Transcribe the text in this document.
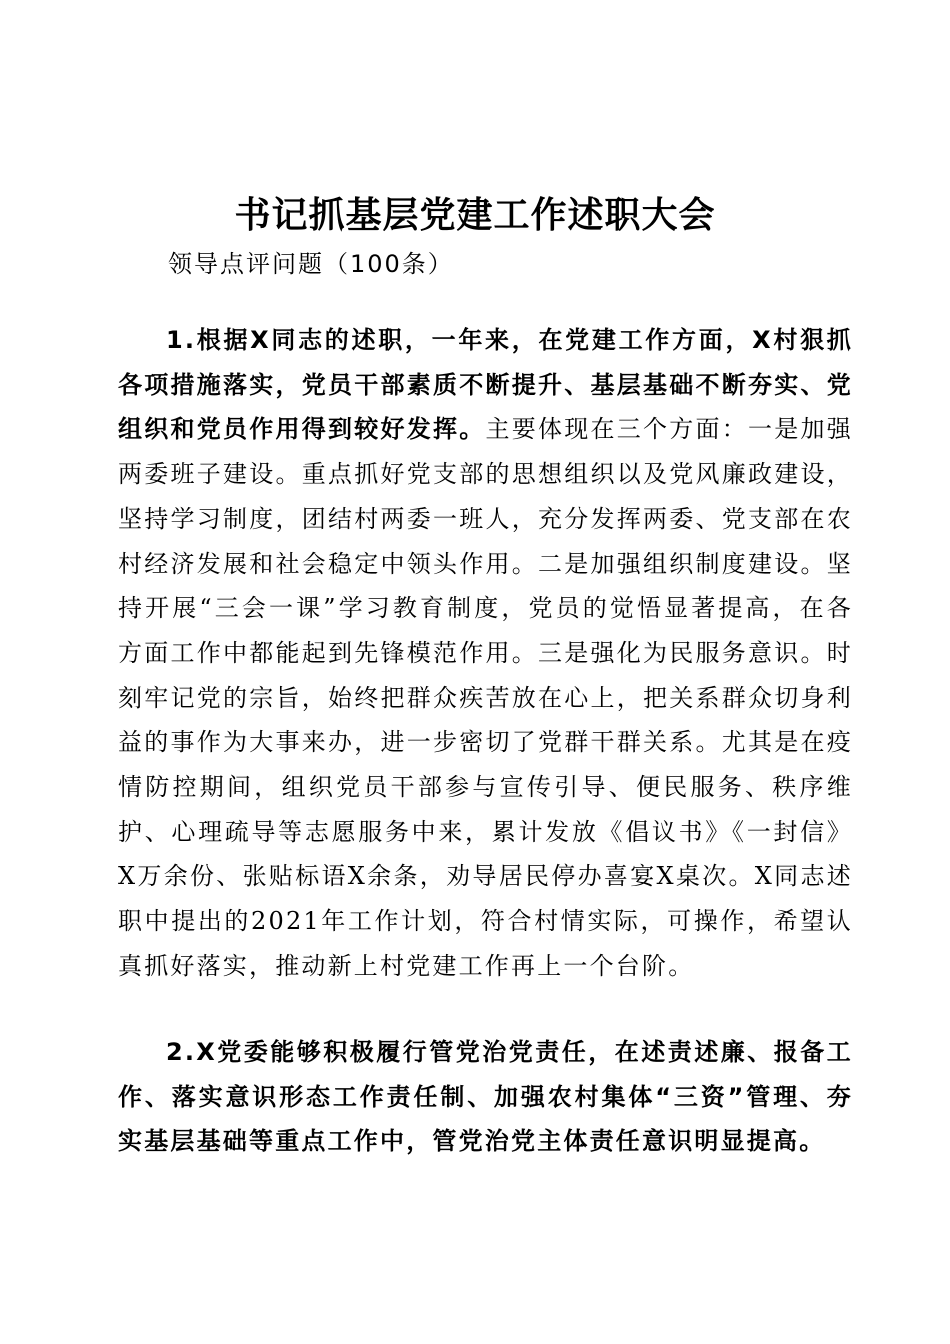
书记抓基层党建工作述职大会
领导点评问题（100条）

1.根据X同志的述职，一年来，在党建工作方面，X村狠抓各项措施落实，党员干部素质不断提升、基层基础不断夯实、党组织和党员作用得到较好发挥。主要体现在三个方面：一是加强两委班子建设。重点抓好党支部的思想组织以及党风廉政建设，坚持学习制度，团结村两委一班人，充分发挥两委、党支部在农村经济发展和社会稳定中领头作用。二是加强组织制度建设。坚持开展“三会一课”学习教育制度，党员的觉悟显著提高，在各方面工作中都能起到先锋模范作用。三是强化为民服务意识。时刻牢记党的宗旨，始终把群众疾苦放在心上，把关系群众切身利益的事作为大事来办，进一步密切了党群干群关系。尤其是在疫情防控期间，组织党员干部参与宣传引导、便民服务、秩序维护、心理疏导等志愿服务中来，累计发放《倡议书》《一封信》X万余份、张贴标语X余条，劝导居民停办喜宴X桌次。X同志述职中提出的2021年工作计划，符合村情实际，可操作，希望认真抓好落实，推动新上村党建工作再上一个台阶。

2.X党委能够积极履行管党治党责任，在述责述廉、报备工作、落实意识形态工作责任制、加强农村集体“三资”管理、夯实基层基础等重点工作中，管党治党主体责任意识明显提高。
